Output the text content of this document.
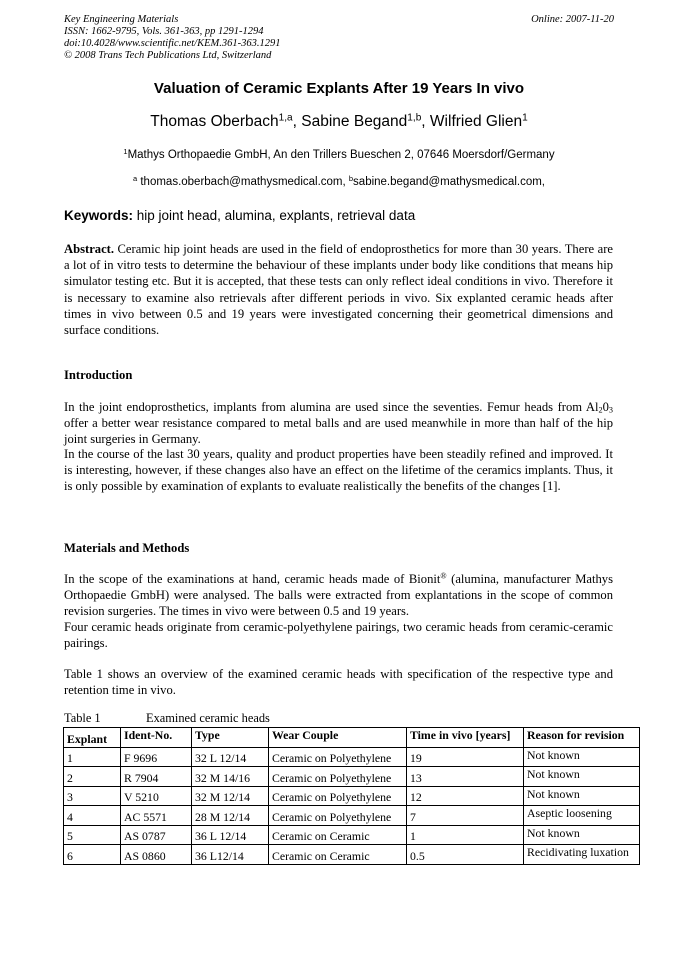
Key Engineering Materials
ISSN: 1662-9795, Vols. 361-363, pp 1291-1294
doi:10.4028/www.scientific.net/KEM.361-363.1291
© 2008 Trans Tech Publications Ltd, Switzerland
Online: 2007-11-20
Valuation of Ceramic Explants After 19 Years In vivo
Thomas Oberbach$^{1,a}$, Sabine Begand$^{1,b}$, Wilfried Glien$^1$
$^1$Mathys Orthopaedie GmbH, An den Trillers Bueschen 2, 07646 Moersdorf/Germany
$^a$ thomas.oberbach@mathysmedical.com, $^b$sabine.begand@mathysmedical.com,
Keywords: hip joint head, alumina, explants, retrieval data
Abstract. Ceramic hip joint heads are used in the field of endoprosthetics for more than 30 years. There are a lot of in vitro tests to determine the behaviour of these implants under body like conditions that means hip simulator testing etc. But it is accepted, that these tests can only reflect ideal conditions in vivo. Therefore it is necessary to examine also retrievals after different periods in vivo. Six explanted ceramic heads after times in vivo between 0.5 and 19 years were investigated concerning their geometrical dimensions and surface conditions.
Introduction
In the joint endoprosthetics, implants from alumina are used since the seventies. Femur heads from $Al_20_3$ offer a better wear resistance compared to metal balls and are used meanwhile in more than half of the hip joint surgeries in Germany.
In the course of the last 30 years, quality and product properties have been steadily refined and improved. It is interesting, however, if these changes also have an effect on the lifetime of the ceramics implants. Thus, it is only possible by examination of explants to evaluate realistically the benefits of the changes [1].
Materials and Methods
In the scope of the examinations at hand, ceramic heads made of Bionit® (alumina, manufacturer Mathys Orthopaedie GmbH) were analysed. The balls were extracted from explantations in the scope of common revision surgeries. The times in vivo were between 0.5 and 19 years.
Four ceramic heads originate from ceramic-polyethylene pairings, two ceramic heads from ceramic-ceramic pairings.
Table 1 shows an overview of the examined ceramic heads with specification of the respective type and retention time in vivo.
Table 1	Examined ceramic heads
Explant	Ident-No.	Type	Wear Couple	Time in vivo [years]	Reason for revision
1	F 9696	32 L 12/14	Ceramic on Polyethylene	19	Not known
2	R 7904	32 M 14/16	Ceramic on Polyethylene	13	Not known
3	V 5210	32 M 12/14	Ceramic on Polyethylene	12	Not known
4	AC 5571	28 M 12/14	Ceramic on Polyethylene	7	Aseptic loosening
5	AS 0787	36 L 12/14	Ceramic on Ceramic	1	Not known
6	AS 0860	36 L12/14	Ceramic on Ceramic	0.5	Recidivating luxation
